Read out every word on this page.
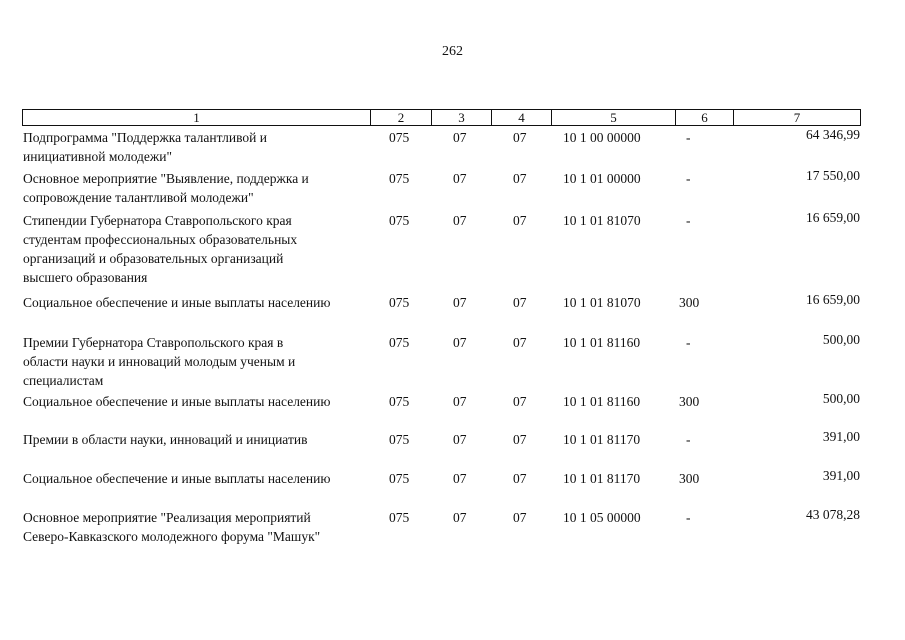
262
1	2	3	4	5	6	7
Подпрограмма "Поддержка талантливой и
инициативной молодежи"
075	07	07	10 1 00 00000	-	64 346,99
Основное мероприятие "Выявление, поддержка и
сопровождение талантливой молодежи"
075	07	07	10 1 01 00000	-	17 550,00
Стипендии Губернатора Ставропольского края
студентам профессиональных образовательных
организаций и образовательных организаций
высшего образования
075	07	07	10 1 01 81070	-	16 659,00
Социальное обеспечение и иные выплаты населению	075	07	07	10 1 01 81070	300	16 659,00
Премии Губернатора Ставропольского края в
области науки и инноваций молодым ученым и
специалистам
075	07	07	10 1 01 81160	-	500,00
Социальное обеспечение и иные выплаты населению	075	07	07	10 1 01 81160	300	500,00
Премии в области науки, инноваций и инициатив	075	07	07	10 1 01 81170	-	391,00
Социальное обеспечение и иные выплаты населению	075	07	07	10 1 01 81170	300	391,00
Основное мероприятие "Реализация мероприятий
Северо-Кавказского молодежного форума "Машук"
075	07	07	10 1 05 00000	-	43 078,28
